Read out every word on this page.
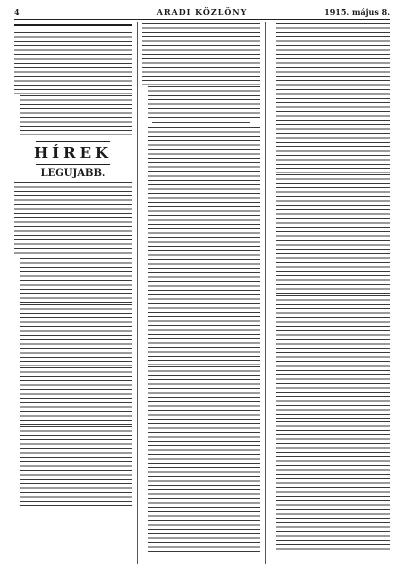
4	ARADI KÖZLÖNY	1915. május 8.
HÍREK
LEGUJABB.
